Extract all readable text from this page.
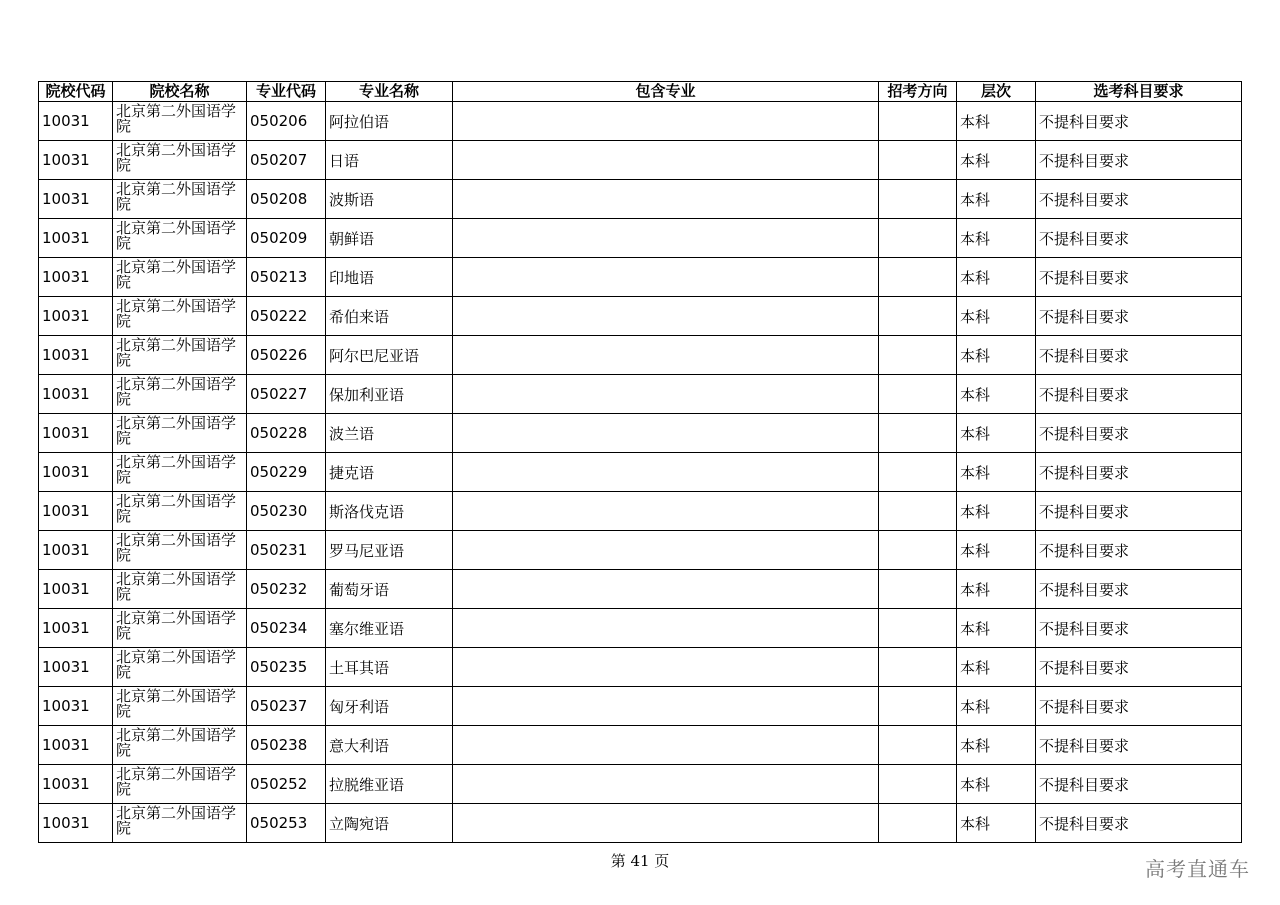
院校代码	院校名称	专业代码	专业名称	包含专业	招考方向	层次	选考科目要求
10031	北京第二外国语学院	050206	阿拉伯语			本科	不提科目要求
10031	北京第二外国语学院	050207	日语			本科	不提科目要求
10031	北京第二外国语学院	050208	波斯语			本科	不提科目要求
10031	北京第二外国语学院	050209	朝鲜语			本科	不提科目要求
10031	北京第二外国语学院	050213	印地语			本科	不提科目要求
10031	北京第二外国语学院	050222	希伯来语			本科	不提科目要求
10031	北京第二外国语学院	050226	阿尔巴尼亚语			本科	不提科目要求
10031	北京第二外国语学院	050227	保加利亚语			本科	不提科目要求
10031	北京第二外国语学院	050228	波兰语			本科	不提科目要求
10031	北京第二外国语学院	050229	捷克语			本科	不提科目要求
10031	北京第二外国语学院	050230	斯洛伐克语			本科	不提科目要求
10031	北京第二外国语学院	050231	罗马尼亚语			本科	不提科目要求
10031	北京第二外国语学院	050232	葡萄牙语			本科	不提科目要求
10031	北京第二外国语学院	050234	塞尔维亚语			本科	不提科目要求
10031	北京第二外国语学院	050235	土耳其语			本科	不提科目要求
10031	北京第二外国语学院	050237	匈牙利语			本科	不提科目要求
10031	北京第二外国语学院	050238	意大利语			本科	不提科目要求
10031	北京第二外国语学院	050252	拉脱维亚语			本科	不提科目要求
10031	北京第二外国语学院	050253	立陶宛语			本科	不提科目要求
第 41 页	高考直通车
